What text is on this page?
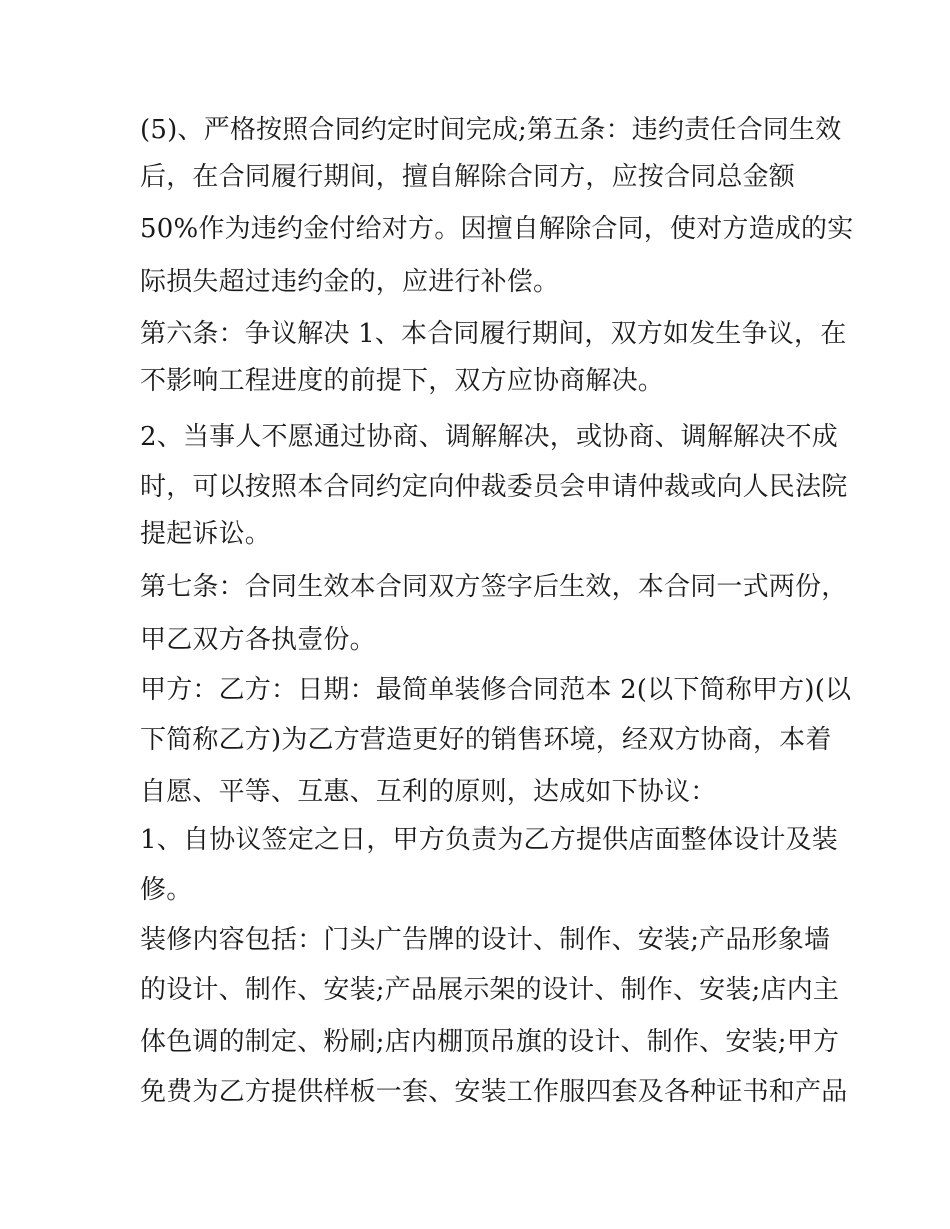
(5)、严格按照合同约定时间完成;第五条：违约责任合同生效
后，在合同履行期间，擅自解除合同方，应按合同总金额
50%作为违约金付给对方。因擅自解除合同，使对方造成的实
际损失超过违约金的，应进行补偿。
第六条：争议解决 1、本合同履行期间，双方如发生争议，在
不影响工程进度的前提下，双方应协商解决。
2、当事人不愿通过协商、调解解决，或协商、调解解决不成
时，可以按照本合同约定向仲裁委员会申请仲裁或向人民法院
提起诉讼。
第七条：合同生效本合同双方签字后生效，本合同一式两份，
甲乙双方各执壹份。
甲方：乙方：日期：最简单装修合同范本 2(以下简称甲方)(以
下简称乙方)为乙方营造更好的销售环境，经双方协商，本着
自愿、平等、互惠、互利的原则，达成如下协议：
1、自协议签定之日，甲方负责为乙方提供店面整体设计及装
修。
装修内容包括：门头广告牌的设计、制作、安装;产品形象墙
的设计、制作、安装;产品展示架的设计、制作、安装;店内主
体色调的制定、粉刷;店内棚顶吊旗的设计、制作、安装;甲方
免费为乙方提供样板一套、安装工作服四套及各种证书和产品
